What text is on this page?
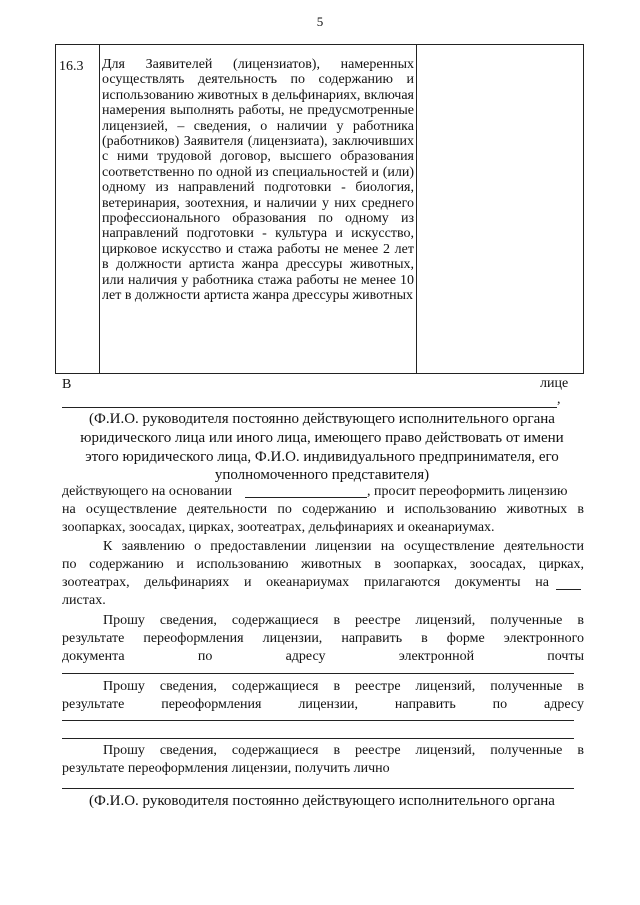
5
16.3 Для Заявителей (лицензиатов), намеренных осуществлять деятельность по содержанию и использованию животных в дельфинариях, включая намерения выполнять работы, не предусмотренные лицензией, – сведения, о наличии у работника (работников) Заявителя (лицензиата), заключивших с ними трудовой договор, высшего образования соответственно по одной из специальностей и (или) одному из направлений подготовки - биология, ветеринария, зоотехния, и наличии у них среднего профессионального образования по одному из направлений подготовки - культура и искусство, цирковое искусство и стажа работы не менее 2 лет в должности артиста жанра дрессуры животных, или наличия у работника стажа работы не менее 10 лет в должности артиста жанра дрессуры животных

В	лице
,
(Ф.И.О. руководителя постоянно действующего исполнительного органа
юридического лица или иного лица, имеющего право действовать от имени
этого юридического лица, Ф.И.О. индивидуального предпринимателя, его
уполномоченного представителя)
действующего на основании	, просит переоформить лицензию
на осуществление деятельности по содержанию и использованию животных в
зоопарках, зоосадах, цирках, зоотеатрах, дельфинариях и океанариумах.
К заявлению о предоставлении лицензии на осуществление деятельности
по содержанию и использованию животных в зоопарках, зоосадах, цирках,
зоотеатрах, дельфинариях и океанариумах прилагаются документы на
листах.
Прошу сведения, содержащиеся в реестре лицензий, полученные в
результате переоформления лицензии, направить в форме электронного
документа	по	адресу	электронной	почты
Прошу сведения, содержащиеся в реестре лицензий, полученные в
результате	переоформления	лицензии,	направить	по	адресу
Прошу сведения, содержащиеся в реестре лицензий, полученные в
результате переоформления лицензии, получить лично
(Ф.И.О. руководителя постоянно действующего исполнительного органа
